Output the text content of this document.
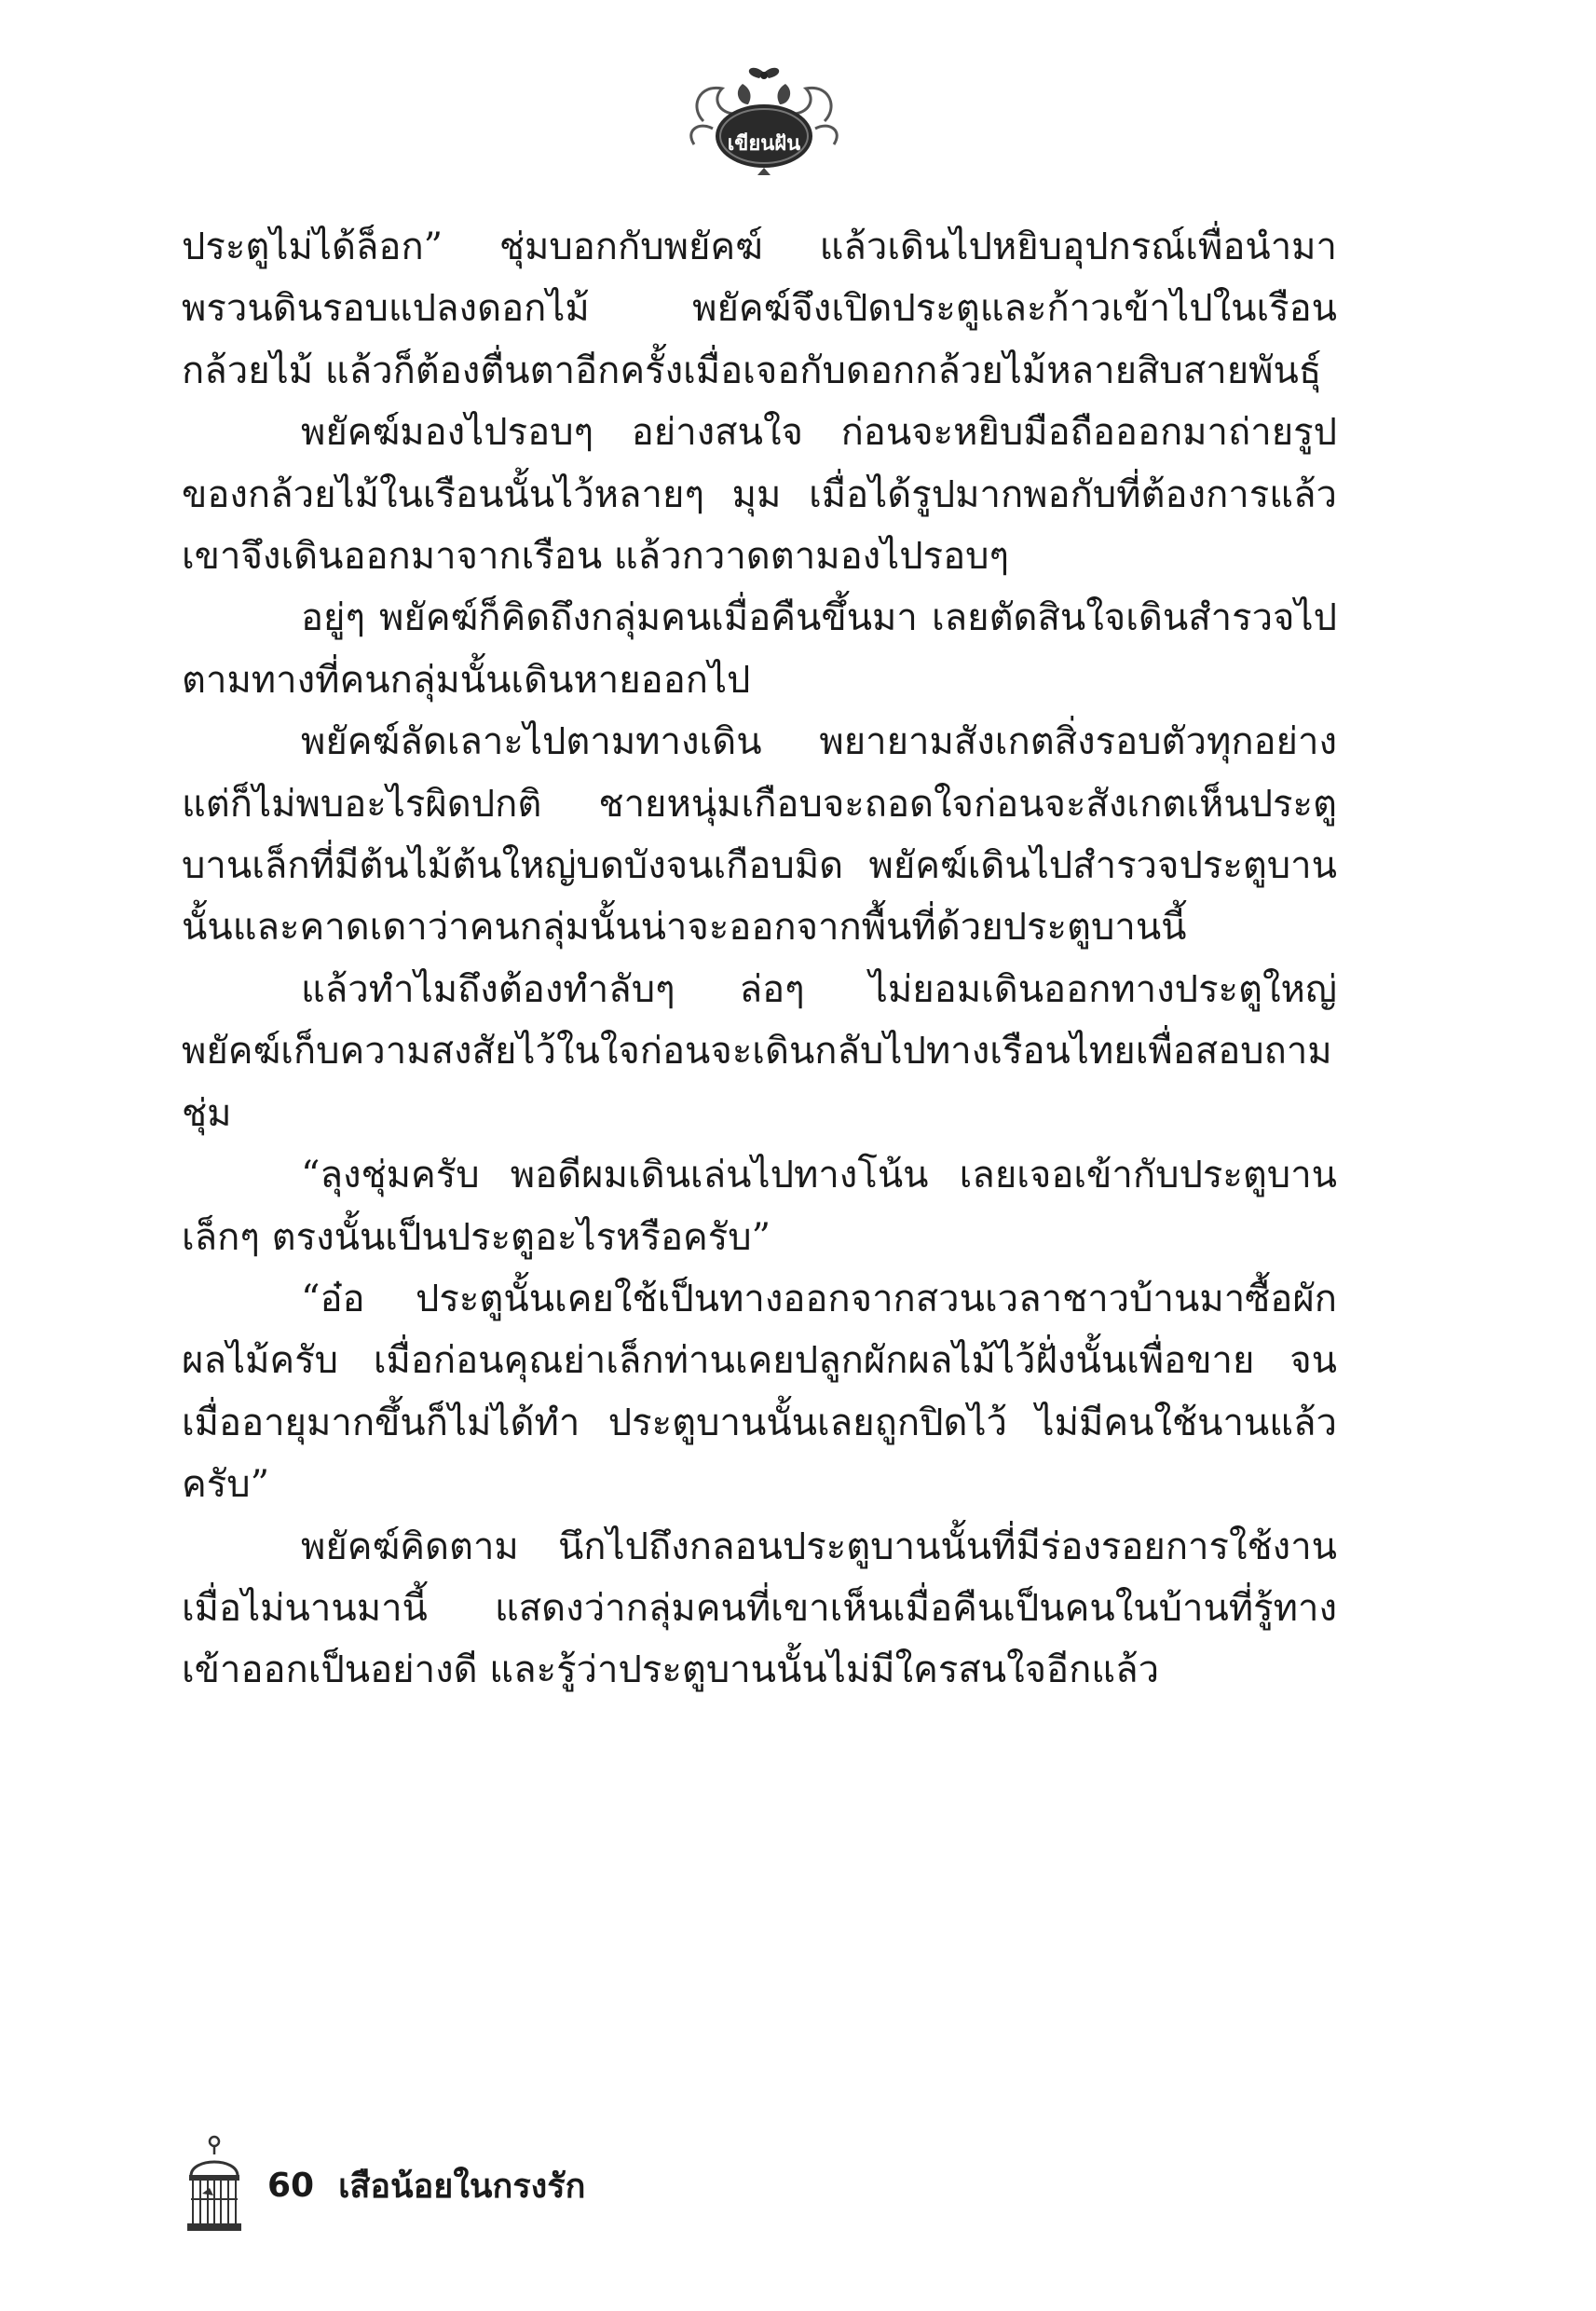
เขียนฝัน

ประตูไม่ได้ล็อก” ชุ่มบอกกับพยัคฆ์ แล้วเดินไปหยิบอุปกรณ์เพื่อนำมาพรวนดินรอบแปลงดอกไม้ พยัคฆ์จึงเปิดประตูและก้าวเข้าไปในเรือนกล้วยไม้ แล้วก็ต้องตื่นตาอีกครั้งเมื่อเจอกับดอกกล้วยไม้หลายสิบสายพันธุ์

พยัคฆ์มองไปรอบๆ อย่างสนใจ ก่อนจะหยิบมือถือออกมาถ่ายรูปของกล้วยไม้ในเรือนนั้นไว้หลายๆ มุม เมื่อได้รูปมากพอกับที่ต้องการแล้ว เขาจึงเดินออกมาจากเรือน แล้วกวาดตามองไปรอบๆ

อยู่ๆ พยัคฆ์ก็คิดถึงกลุ่มคนเมื่อคืนขึ้นมา เลยตัดสินใจเดินสำรวจไปตามทางที่คนกลุ่มนั้นเดินหายออกไป

พยัคฆ์ลัดเลาะไปตามทางเดิน พยายามสังเกตสิ่งรอบตัวทุกอย่าง แต่ก็ไม่พบอะไรผิดปกติ ชายหนุ่มเกือบจะถอดใจก่อนจะสังเกตเห็นประตูบานเล็กที่มีต้นไม้ต้นใหญ่บดบังจนเกือบมิด พยัคฆ์เดินไปสำรวจประตูบานนั้นและคาดเดาว่าคนกลุ่มนั้นน่าจะออกจากพื้นที่ด้วยประตูบานนี้

แล้วทำไมถึงต้องทำลับๆ ล่อๆ ไม่ยอมเดินออกทางประตูใหญ่ พยัคฆ์เก็บความสงสัยไว้ในใจก่อนจะเดินกลับไปทางเรือนไทยเพื่อสอบถามชุ่ม

“ลุงชุ่มครับ พอดีผมเดินเล่นไปทางโน้น เลยเจอเข้ากับประตูบานเล็กๆ ตรงนั้นเป็นประตูอะไรหรือครับ”

“อ๋อ ประตูนั้นเคยใช้เป็นทางออกจากสวนเวลาชาวบ้านมาซื้อผักผลไม้ครับ เมื่อก่อนคุณย่าเล็กท่านเคยปลูกผักผลไม้ไว้ฝั่งนั้นเพื่อขาย จนเมื่ออายุมากขึ้นก็ไม่ได้ทำ ประตูบานนั้นเลยถูกปิดไว้ ไม่มีคนใช้นานแล้วครับ”

พยัคฆ์คิดตาม นึกไปถึงกลอนประตูบานนั้นที่มีร่องรอยการใช้งานเมื่อไม่นานมานี้ แสดงว่ากลุ่มคนที่เขาเห็นเมื่อคืนเป็นคนในบ้านที่รู้ทางเข้าออกเป็นอย่างดี และรู้ว่าประตูบานนั้นไม่มีใครสนใจอีกแล้ว

60 เสือน้อยในกรงรัก
